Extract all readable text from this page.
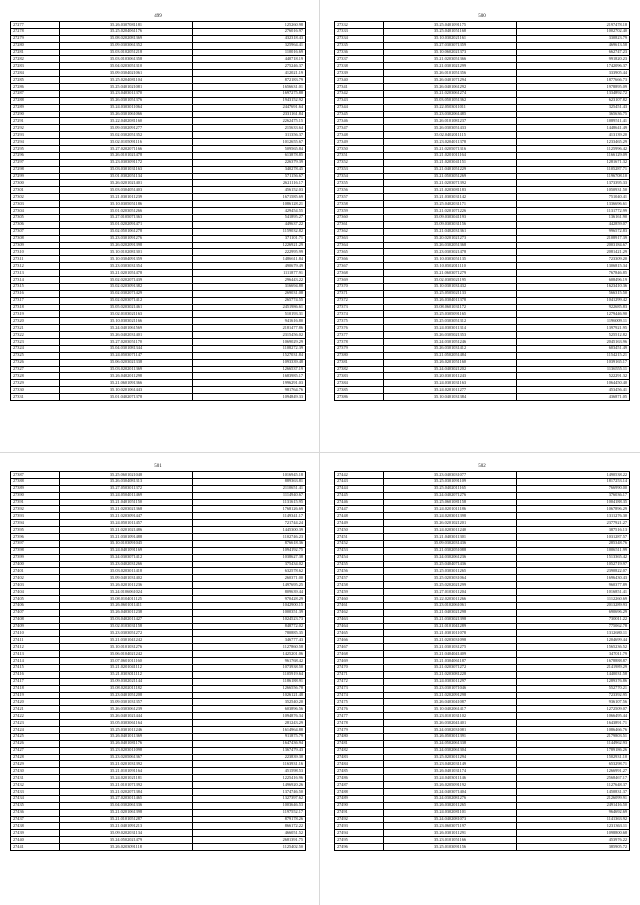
499
27277	35.26.0307081181	125260.98
27278	35.25.0204061176	276016.97
27279	35.08.0202081369	432318.43
27280	35.09.0303061352	325964.41
27281	35.03.0102051218	110016.69
27282	35.03.0103061358	440718.19
27283	35.04.0203051310	275246.37
27284	35.09.0304021061	412021.19
27285	35.25.0204081104	872183.79
27286	35.25.0401021081	1656631.01
27287	35.23.0403011370	1697275.88
27288	35.26.0301051376	1943152.92
27289	35.24.0303011064	2447691.64
27290	35.26.0301061066	2331161.84
27291	35.22.0402081160	2262475.15
27292	35.09.0302091277	215633.64
27293	35.02.0302051352	311356.37
27294	35.02.0105091116	1012655.67
27295	35.27.0202071166	509565.84
27296	35.26.0101021478	613878.85
27297	35.23.0303091172	226379.39
27298	35.03.0301031163	340278.45
27299	35.01.0302051134	571156.67
27300	35.26.0201021401	2621116.17
27301	35.03.0304051403	456152.03
27302	35.21.0301011239	1671585.69
27303	35.10.0305051186	1086128.21
27304	35.01.0203051266	429454.55
27305	35.27.0105071363	541895.27
27306	35.01.0202091471	449637.22
27307	35.02.0501061278	1159032.82
27308	35.23.0301091276	371101.71
27309	35.26.0202091398	1226921.29
27310	35.10.0102081301	222995.99
27311	35.10.0304091359	1486611.84
27312	35.23.0303031354	490679.49
27313	35.21.0201051478	1111877.91
27314	35.02.0202071439	296443.22
27315	35.02.0203091382	316694.88
27316	35.02.0302071429	269031.08
27317	35.02.0203071412	265774.55
27318	35.05.0203021461	2451986.61
27319	35.02.0103021163	510193.31
27320	35.10.0303021166	941616.80
27321	35.24.0401061569	2181477.86
27322	35.26.0402031401	2315456.02
27323	35.27.0203051170	1069029.29
27324	35.04.0301081344	1108272.39
27325	35.24.0503071147	1527031.84
27326	35.06.0203021338	1093339.48
27327	35.03.0202011369	1266537.19
27328	35.26.0402011298	1683985.17
27329	35.21.0601091366	1996291.03
27330	35.10.0201061443	981764.76
27331	35.01.0402071378	1094849.33
500
27332	35.25.0401091175	2197478.18
27333	35.25.0401051168	1002702.40
27334	35.10.0302021161	330823.79
27335	35.27.0303071359	469613.58
27336	35.10.0602021373	662747.23
27337	35.21.0203051366	991820.23
27338	35.21.0301021299	1742096.37
27339	35.26.0101051356	333905.44
27340	35.26.0401071294	1877666.73
27341	35.26.0401061292	1978895.09
27342	35.21.0203061274	1334892.72
27343	35.03.0501051362	623107.82
27344	35.22.0503011011	325451.43
27345	35.23.0302061485	365636.75
27346	35.26.0101081237	1089511.41
27347	35.26.0303051433	1448641.49
27348	35.02.0402011115	413139.20
27349	35.23.0204011378	1233465.29
27350	35.21.0205071316	1125996.42
27351	35.21.0201011164	1166129.09
27352	35.21.0203041151	1281671.32
27353	35.21.0401051229	1105287.71
27354	35.21.0503051269	1196708.10
27355	35.21.0203071392	1373395.33
27356	35.21.0203081183	1050931.50
27357	35.21.0303031142	751040.41
27358	35.25.0402031171	1336696.61
27359	35.21.0201071226	1131772.99
27360	35.09.0303041193	136161.90
27361	35.09.0303031156	442859.07
27362	35.21.0402031361	996572.83
27363	35.20.0201021273	2108917.39
27364	35.26.0302051368	2003184.67
27365	35.23.0303021478	2081421.29
27366	35.10.0303051135	723309.20
27367	35.10.0502011110	1306815.34
27368	35.21.0603071279	767846.85
27369	35.02.0305021195	608496.19
27370	35.10.0301031432	1623410.36
27371	35.25.0505021133	566315.50
27372	35.26.0304011378	1041299.42
27373	35.08.0601031172	922685.83
27374	35.25.0305091165	1279446.90
27375	35.25.0303051312	1196009.11
27376	35.24.0303011314	1397921.95
27377	35.26.0305021353	525512.82
27378	35.24.0301051246	2045163.96
27379	35.26.0301031412	603451.49
27380	35.21.0502051484	1154215.21
27381	35.26.0201051160	1039165.17
27382	35.24.0403021202	1136555.11
27383	35.20.0301011243	522291.32
27384	35.24.0301031163	1064450.40
27385	35.24.0201011277	453456.41
27386	35.10.0401031384	436871.05
501
27387	35.25.0601021048	1016945.18
27388	35.26.0304081313	889363.81
27389	35.27.0503011372	2110651.41
27390	35.24.0504011469	1114940.67
27391	35.21.0401051150	1131615.95
27392	35.21.0203021368	1768126.69
27393	35.21.0203091447	1149341.17
27394	35.24.0501011457	721744.24
27395	35.21.0201021486	1445300.39
27396	35.21.0301091488	1102746.23
27397	35.10.0103091045	876618.36
27398	35.24.0401091169	1094192.75
27399	35.24.0303071412	1038627.38
27400	35.23.0402031266	375434.02
27401	35.03.0203011418	632578.62
27402	35.09.0401031402	260371.00
27403	35.26.0201011236	1497695.25
27404	35.24.0106061024	809639.44
27405	35.08.0104011125	970428.29
27406	35.26.0601011411	1042900.15
27407	35.26.0403011238	1000351.39
27408	35.03.0402011427	1024523.73
27409	35.02.0103031158	848772.02
27410	35.23.0303051272	780885.35
27411	35.21.0301041242	346777.43
27412	35.10.0101031276	1127860.58
27413	35.06.0104021242	1425201.06
27414	35.07.0601011160	961768.42
27415	35.21.0201041112	1073938.50
27416	35.21.0303011112	1105919.64
27417	35.09.0302021144	1186188.91
27418	35.08.0202011182	1266556.78
27419	35.23.0401051208	1026121.48
27420	35.09.0301031357	352540.20
27421	35.26.0303061239	603896.56
27422	35.26.0401021444	1094876.34
27423	35.05.0303061164	281243.29
27424	35.25.0301011246	1614964.88
27425	35.26.0401011369	911875.79
27426	35.26.0401081176	1647436.94
27427	35.23.0203011098	1367479.43
27428	35.23.0205061367	223839.30
27429	35.21.0201031392	1163931.16
27430	35.21.0101091164	451598.53
27431	35.24.0201021181	1225416.96
27432	35.21.0101071392	1496920.26
27433	35.21.0202071384	1374746.50
27434	35.27.0203011465	1327397.62
27435	35.04.0302061336	1003646.53
27436	35.21.0201061398	1197552.17
27437	35.21.0101051287	879178.26
27438	35.21.0401091213	866172.22
27439	35.09.0202031134	466051.52
27440	35.24.0502021479	2681391.75
27441	35.26.0203091118	1125402.50
502
27442	35.23.0403031077	1490538.22
27443	35.25.0301091109	1817253.14
27444	35.25.0402011165	766990.00
27445	35.24.0402071276	376036.17
27446	35.25.0601081158	1004188.35
27447	35.24.0201011186	1067896.29
27448	35.24.0203011398	1311276.30
27449	35.26.0201021201	2377921.27
27450	35.24.0203011240	387516.13
27451	35.21.0403011301	1031287.57
27452	35.09.0302031436	285348.76
27453	35.21.0302051088	1006511.99
27454	35.24.0302061236	1513365.42
27455	35.25.0404071436	1052719.97
27456	35.25.0303011265	2390822.07
27457	35.25.0203031064	1696430.43
27458	35.25.0202021299	960377.89
27459	35.27.0103011204	1016851.41
27460	35.22.0203011266	1112260.69
27461	35.23.0102061061	2013289.93
27462	35.21.0403021298	690696.29
27463	35.21.0303021398	730011.22
27464	35.21.0101041289	775062.78
27465	35.21.0301011078	1312680.11
27466	35.21.0203031098	1204699.44
27467	35.21.0301031275	1565236.52
27468	35.21.0404041409	347011.79
27469	35.21.0304061187	1678888.87
27470	35.21.0203071272	2141989.29
27471	35.21.0203081228	1440031.58
27472	35.24.0303011297	1289376.86
27473	35.23.0301071046	552770.21
27474	35.21.0202091298	723392.95
27475	35.26.0403041087	936107.56
27476	35.10.0402061417	1272509.07
27477	35.23.0101031102	1066495.44
27478	35.26.0302041401	1643891.71
27479	35.24.0302031081	1086466.76
27480	35.26.0503011391	2179803.51
27481	35.24.0502061338	1144962.93
27482	35.24.0302061304	1789186.26
27483	35.25.0203011294	1502931.10
27484	35.23.0402031149	653298.71
27485	35.26.0401031174	1266991.27
27486	35.24.0403011146	2568467.17
27487	35.26.0205091192	1127648.37
27488	35.24.0403071404	1450831.37
27489	35.24.0302081276	2126099.91
27490	35.26.0302011265	2491416.50
27491	35.24.0302081101	964692.69
27492	35.24.0402081073	1141363.92
27493	35.23.0603071197	1231363.11
27494	35.26.0301011291	1098800.68
27495	35.23.0101051166	453976.22
27496	35.25.0103091156	385905.72
